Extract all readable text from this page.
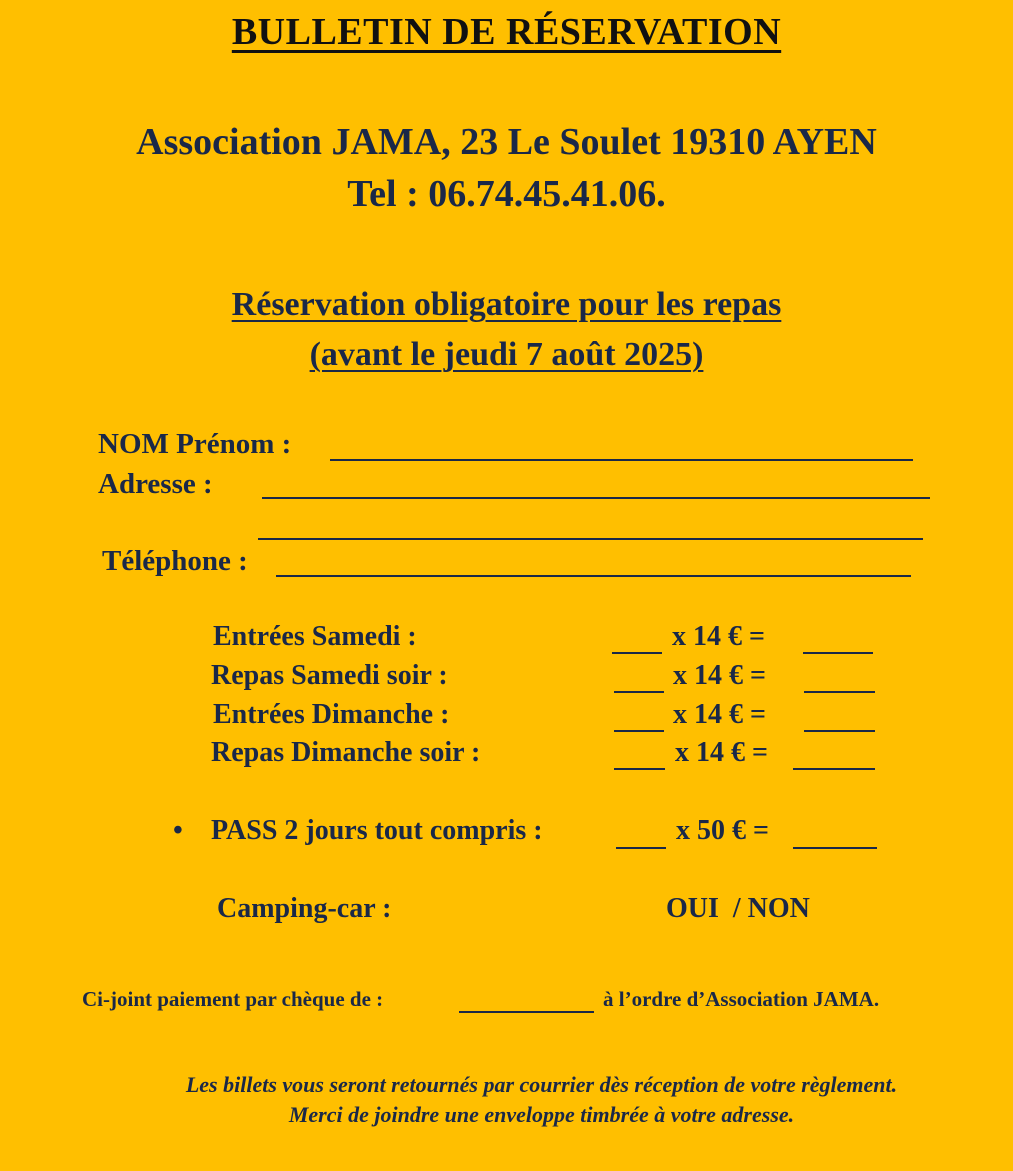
BULLETIN DE RÉSERVATION
Association JAMA, 23 Le Soulet 19310 AYEN
Tel : 06.74.45.41.06.
Réservation obligatoire pour les repas
(avant le jeudi 7 août 2025)
NOM Prénom :
Adresse :
Téléphone :
Entrées Samedi :	x 14 € =
Repas Samedi soir :	x 14 € =
Entrées Dimanche :	x 14 € =
Repas Dimanche soir :	x 14 € =
• PASS 2 jours tout compris :	x 50 € =
Camping-car :	OUI  / NON
Ci-joint paiement par chèque de :	à l’ordre d’Association JAMA.
Les billets vous seront retournés par courrier dès réception de votre règlement.
Merci de joindre une enveloppe timbrée à votre adresse.
